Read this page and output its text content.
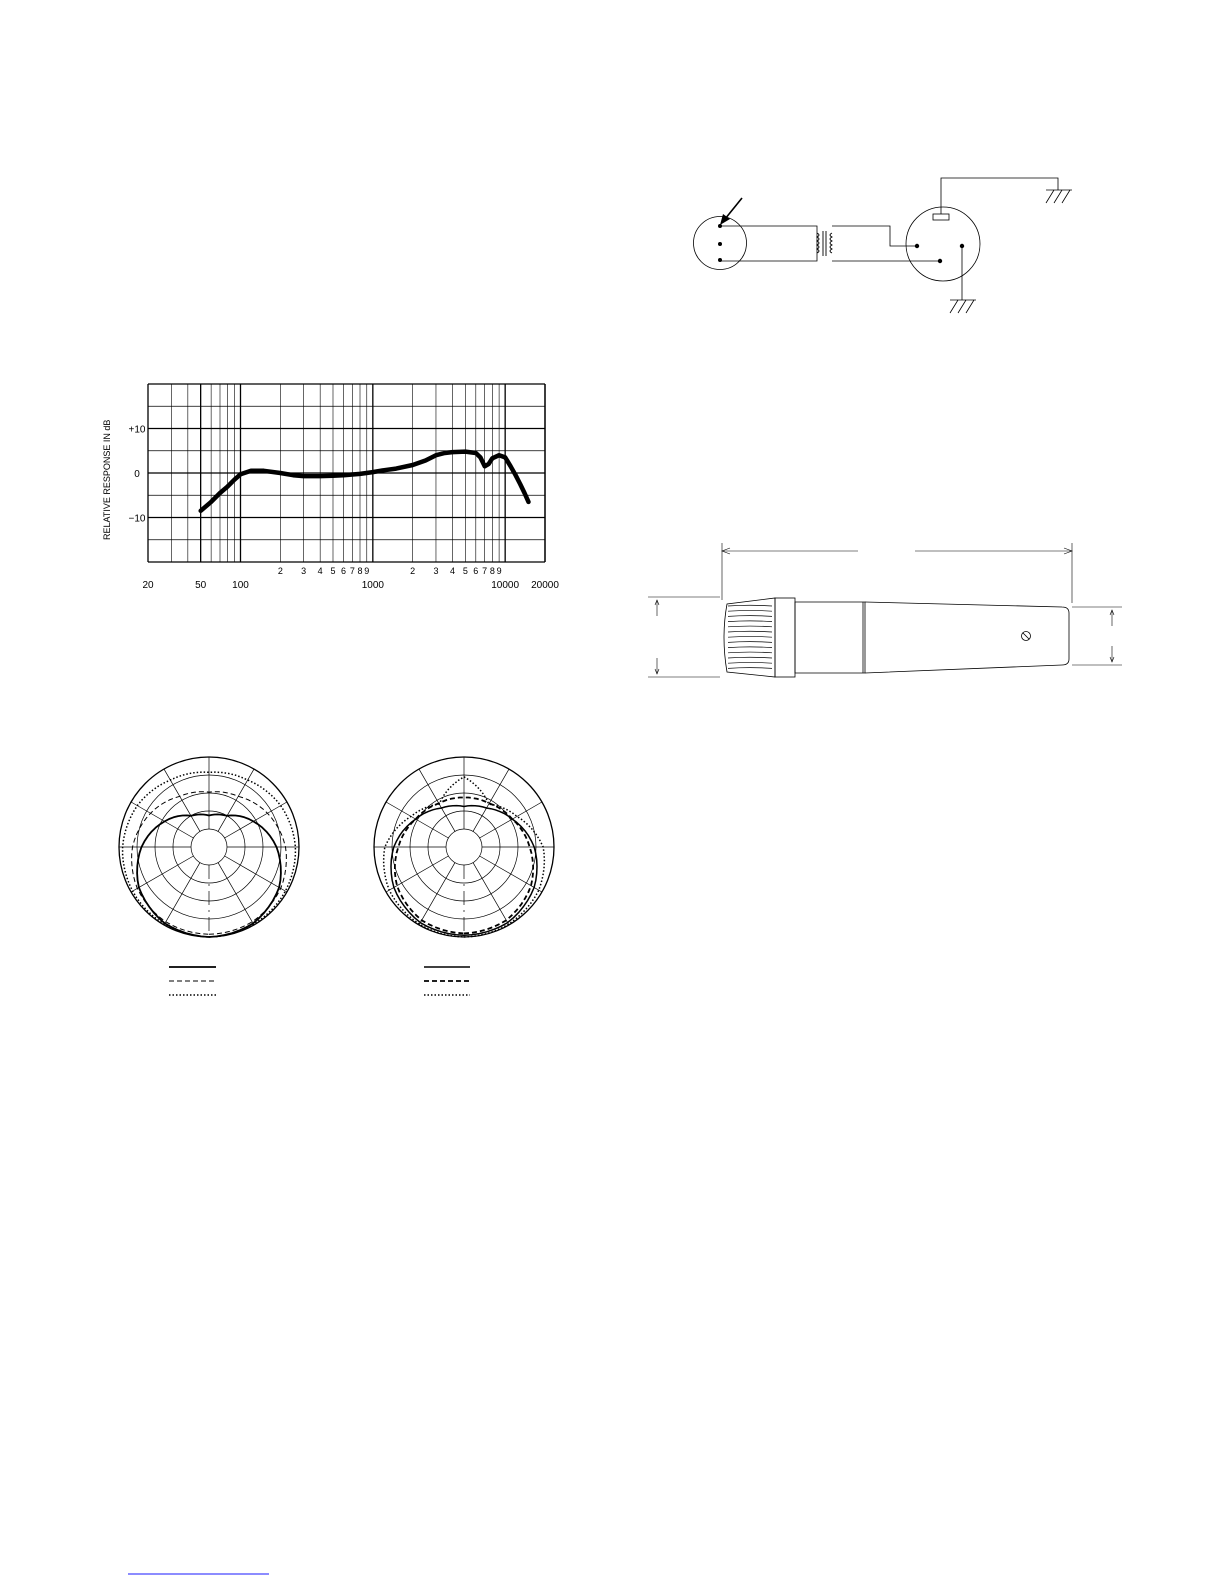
20	50	100
2 3 4 5 6 7 8 9
1000
2 3 4 5 6 7 8 9
10000 20000
+10
0
−10
RELATIVE RESPONSE IN dB
